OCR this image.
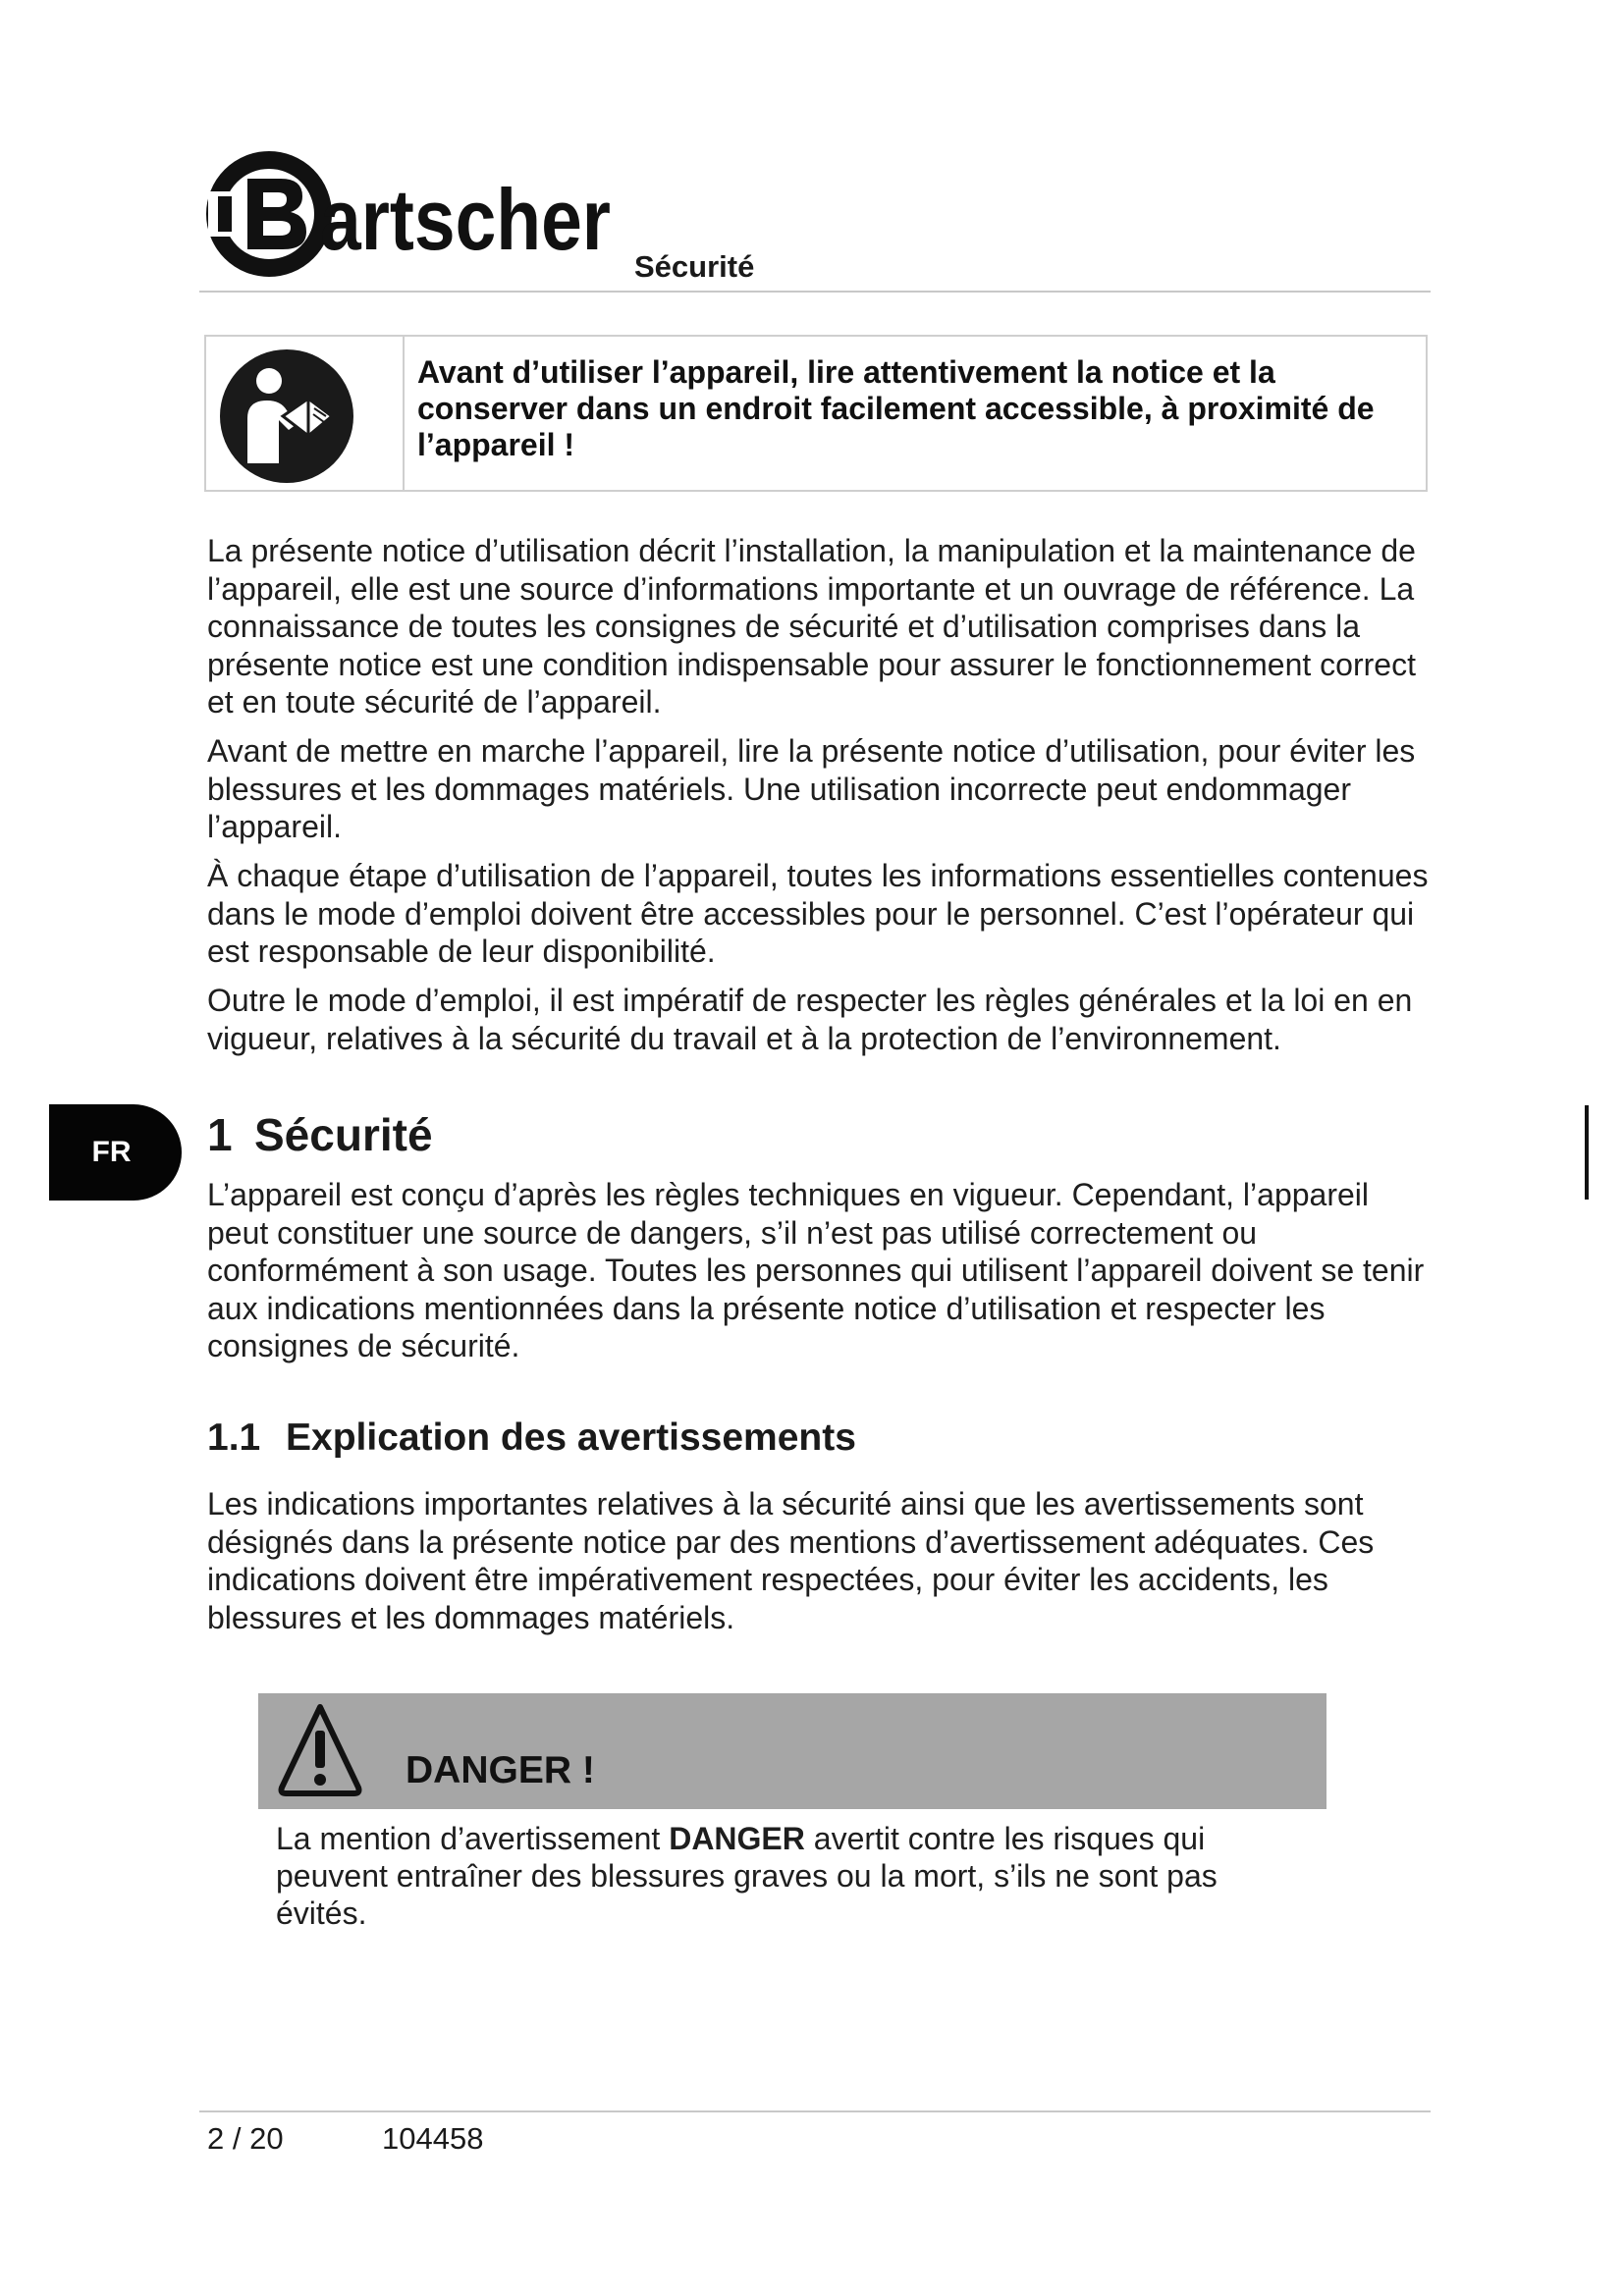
artscher Sécurité
Avant d’utiliser l’appareil, lire attentivement la notice et la conserver dans un endroit facilement accessible, à proximité de l’appareil !

La présente notice d’utilisation décrit l’installation, la manipulation et la maintenance de l’appareil, elle est une source d’informations importante et un ouvrage de référence. La connaissance de toutes les consignes de sécurité et d’utilisation comprises dans la présente notice est une condition indispensable pour assurer le fonctionnement correct et en toute sécurité de l’appareil.

Avant de mettre en marche l’appareil, lire la présente notice d’utilisation, pour éviter les blessures et les dommages matériels. Une utilisation incorrecte peut endommager l’appareil.

À chaque étape d’utilisation de l’appareil, toutes les informations essentielles contenues dans le mode d’emploi doivent être accessibles pour le personnel. C’est l’opérateur qui est responsable de leur disponibilité.

Outre le mode d’emploi, il est impératif de respecter les règles générales et la loi en en vigueur, relatives à la sécurité du travail et à la protection de l’environnement.

FR	1 Sécurité

L’appareil est conçu d’après les règles techniques en vigueur. Cependant, l’appareil peut constituer une source de dangers, s’il n’est pas utilisé correctement ou conformément à son usage. Toutes les personnes qui utilisent l’appareil doivent se tenir aux indications mentionnées dans la présente notice d’utilisation et respecter les consignes de sécurité.

1.1 Explication des avertissements

Les indications importantes relatives à la sécurité ainsi que les avertissements sont désignés dans la présente notice par des mentions d’avertissement adéquates. Ces indications doivent être impérativement respectées, pour éviter les accidents, les blessures et les dommages matériels.

DANGER !

La mention d’avertissement DANGER avertit contre les risques qui peuvent entraîner des blessures graves ou la mort, s’ils ne sont pas évités.

2 / 20	104458
